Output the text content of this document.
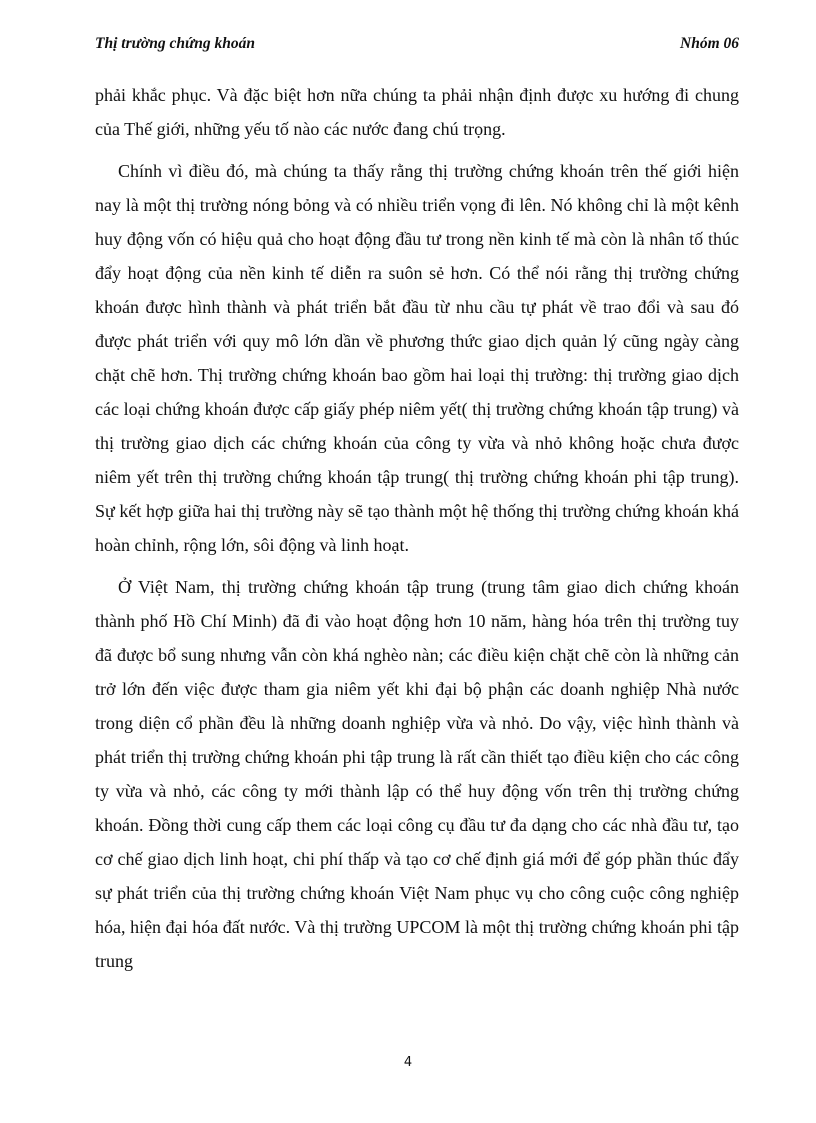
Thị trường chứng khoán	Nhóm 06

phải khắc phục. Và đặc biệt hơn nữa chúng ta phải nhận định được xu hướng đi chung của Thế giới, những yếu tố nào các nước đang chú trọng.

Chính vì điều đó, mà chúng ta thấy rằng thị trường chứng khoán trên thế giới hiện nay là một thị trường nóng bỏng và có nhiều triển vọng đi lên. Nó không chỉ là một kênh huy động vốn có hiệu quả cho hoạt động đầu tư trong nền kinh tế mà còn là nhân tố thúc đẩy hoạt động của nền kinh tế diễn ra suôn sẻ hơn. Có thể nói rằng thị trường chứng khoán được hình thành và phát triển bắt đầu từ nhu cầu tự phát về trao đổi và sau đó được phát triển với quy mô lớn dần về phương thức giao dịch quản lý cũng ngày càng chặt chẽ hơn. Thị trường chứng khoán bao gồm hai loại thị trường: thị trường giao dịch các loại chứng khoán được cấp giấy phép niêm yết( thị trường chứng khoán tập trung) và thị trường giao dịch các chứng khoán của công ty vừa và nhỏ không hoặc chưa được niêm yết trên thị trường chứng khoán tập trung( thị trường chứng khoán phi tập trung). Sự kết hợp giữa hai thị trường này sẽ tạo thành một hệ thống thị trường chứng khoán khá hoàn chỉnh, rộng lớn, sôi động và linh hoạt.

Ở Việt Nam, thị trường chứng khoán tập trung (trung tâm giao dich chứng khoán thành phố Hồ Chí Minh) đã đi vào hoạt động hơn 10 năm, hàng hóa trên thị trường tuy đã được bổ sung nhưng vẫn còn khá nghèo nàn; các điều kiện chặt chẽ còn là những cản trở lớn đến việc được tham gia niêm yết khi đại bộ phận các doanh nghiệp Nhà nước trong diện cổ phần đều là những doanh nghiệp vừa và nhỏ. Do vậy, việc hình thành và phát triển thị trường chứng khoán phi tập trung là rất cần thiết tạo điều kiện cho các công ty vừa và nhỏ, các công ty mới thành lập có thể huy động vốn trên thị trường chứng khoán. Đồng thời cung cấp them các loại công cụ đầu tư đa dạng cho các nhà đầu tư, tạo cơ chế giao dịch linh hoạt, chi phí thấp và tạo cơ chế định giá mới để góp phần thúc đẩy sự phát triển của thị trường chứng khoán Việt Nam phục vụ cho công cuộc công nghiệp hóa, hiện đại hóa đất nước. Và thị trường UPCOM là một thị trường chứng khoán phi tập trung

4
